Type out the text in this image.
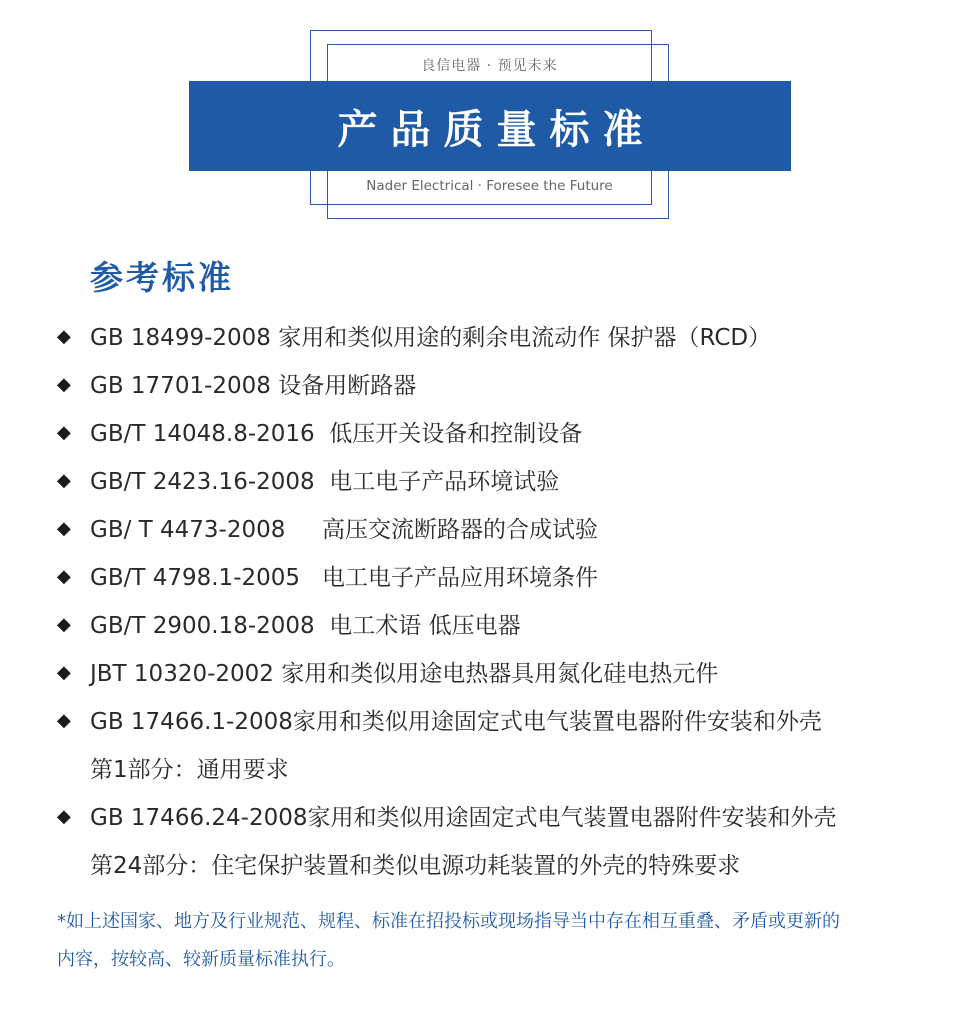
良信电器 · 预见未来
产品质量标准
Nader Electrical · Foresee the Future
参考标准
◆ GB 18499-2008 家用和类似用途的剩余电流动作 保护器（RCD）
◆ GB 17701-2008 设备用断路器
◆ GB/T 14048.8-2016  低压开关设备和控制设备
◆ GB/T 2423.16-2008  电工电子产品环境试验
◆ GB/ T 4473-2008     高压交流断路器的合成试验
◆ GB/T 4798.1-2005   电工电子产品应用环境条件
◆ GB/T 2900.18-2008  电工术语 低压电器
◆ JBT 10320-2002 家用和类似用途电热器具用氮化硅电热元件
◆ GB 17466.1-2008家用和类似用途固定式电气装置电器附件安装和外壳
第1部分：通用要求
◆ GB 17466.24-2008家用和类似用途固定式电气装置电器附件安装和外壳
第24部分：住宅保护装置和类似电源功耗装置的外壳的特殊要求
*如上述国家、地方及行业规范、规程、标准在招投标或现场指导当中存在相互重叠、矛盾或更新的
内容，按较高、较新质量标准执行。
